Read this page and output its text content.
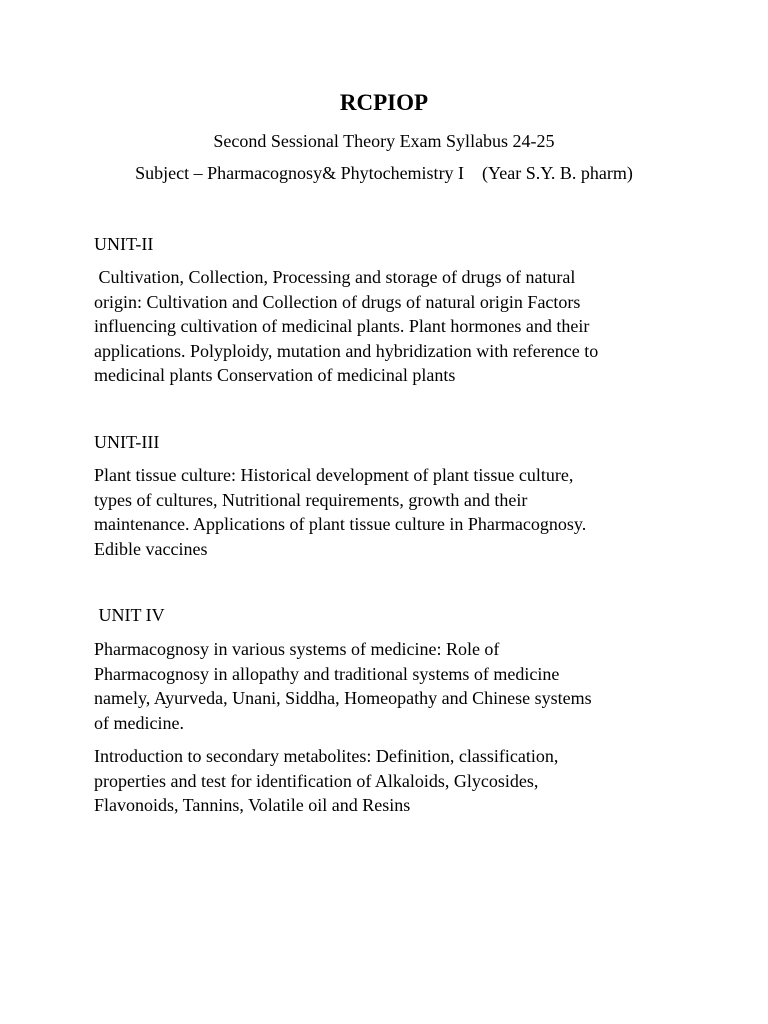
RCPIOP
Second Sessional Theory Exam Syllabus 24-25
Subject – Pharmacognosy& Phytochemistry I    (Year S.Y. B. pharm)
UNIT-II
Cultivation, Collection, Processing and storage of drugs of natural
origin: Cultivation and Collection of drugs of natural origin Factors
influencing cultivation of medicinal plants. Plant hormones and their
applications. Polyploidy, mutation and hybridization with reference to
medicinal plants Conservation of medicinal plants
UNIT-III
Plant tissue culture: Historical development of plant tissue culture,
types of cultures, Nutritional requirements, growth and their
maintenance. Applications of plant tissue culture in Pharmacognosy.
Edible vaccines
UNIT IV
Pharmacognosy in various systems of medicine: Role of
Pharmacognosy in allopathy and traditional systems of medicine
namely, Ayurveda, Unani, Siddha, Homeopathy and Chinese systems
of medicine.
Introduction to secondary metabolites: Definition, classification,
properties and test for identification of Alkaloids, Glycosides,
Flavonoids, Tannins, Volatile oil and Resins
